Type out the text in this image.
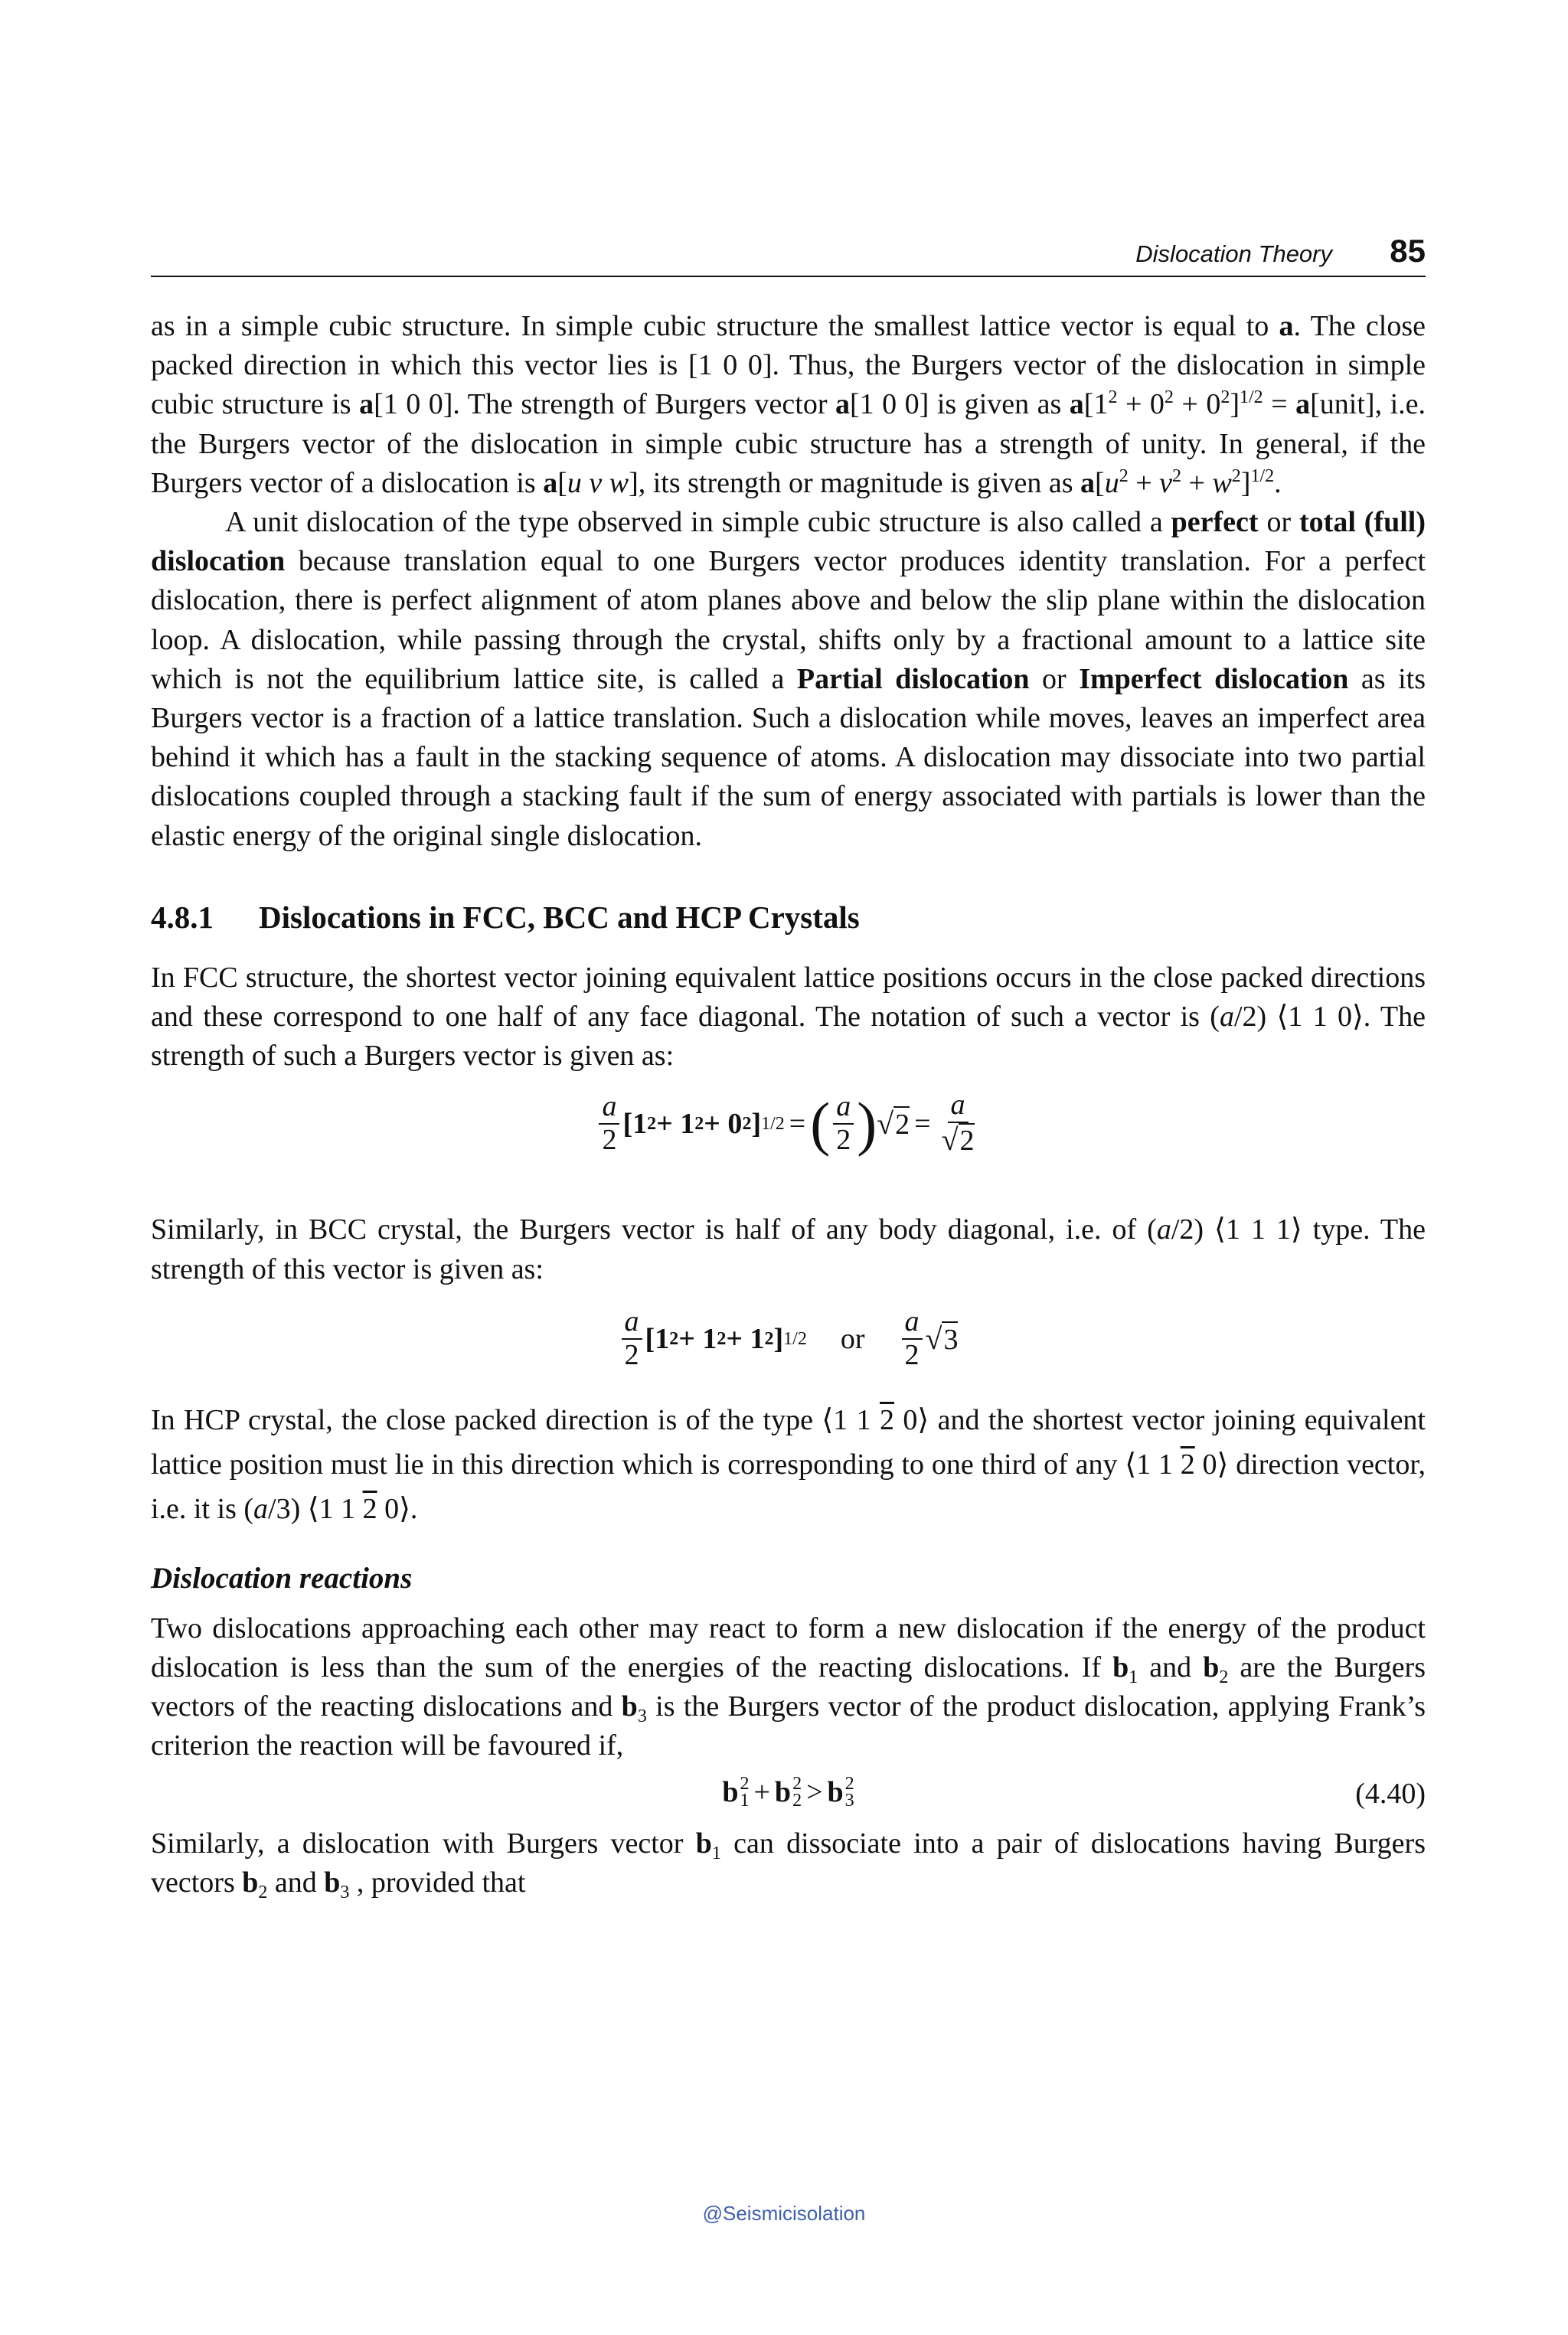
Dislocation Theory 85

as in a simple cubic structure. In simple cubic structure the smallest lattice vector is equal to a. The close packed direction in which this vector lies is [1 0 0]. Thus, the Burgers vector of the dislocation in simple cubic structure is a[1 0 0]. The strength of Burgers vector a[1 0 0] is given as $a[1^2 + 0^2 + 0^2]^{1/2}$ = a[unit], i.e. the Burgers vector of the dislocation in simple cubic structure has a strength of unity. In general, if the Burgers vector of a dislocation is a[u v w], its strength or magnitude is given as $a[u^2 + v^2 + w^2]^{1/2}$.

A unit dislocation of the type observed in simple cubic structure is also called a perfect or total (full) dislocation because translation equal to one Burgers vector produces identity translation. For a perfect dislocation, there is perfect alignment of atom planes above and below the slip plane within the dislocation loop. A dislocation, while passing through the crystal, shifts only by a fractional amount to a lattice site which is not the equilibrium lattice site, is called a Partial dislocation or Imperfect dislocation as its Burgers vector is a fraction of a lattice translation. Such a dislocation while moves, leaves an imperfect area behind it which has a fault in the stacking sequence of atoms. A dislocation may dissociate into two partial dislocations coupled through a stacking fault if the sum of energy associated with partials is lower than the elastic energy of the original single dislocation.

4.8.1 Dislocations in FCC, BCC and HCP Crystals

In FCC structure, the shortest vector joining equivalent lattice positions occurs in the close packed directions and these correspond to one half of any face diagonal. The notation of such a vector is (a/2) ⟨1 1 0⟩. The strength of such a Burgers vector is given as:

$\frac{a}{2} [1$ 2 + 1 2 + 0 2 ] 1/2 = ( $\frac{a}{2}$ ) √ $2 = \frac{a}{√2}$

Similarly, in BCC crystal, the Burgers vector is half of any body diagonal, i.e. of (a/2) ⟨1 1 1⟩ type. The strength of this vector is given as:

$\frac{a}{2} [1$ 2 + 1 2 + 1 2 ] 1/2 or $\frac{a}{2}$ √ 3

In HCP crystal, the close packed direction is of the type ⟨1 1 2 0⟩ and the shortest vector joining equivalent lattice position must lie in this direction which is corresponding to one third of any ⟨1 1 2 0⟩ direction vector, i.e. it is (a/3) ⟨1 1 2 0⟩.

Dislocation reactions

Two dislocations approaching each other may react to form a new dislocation if the energy of the product dislocation is less than the sum of the energies of the reacting dislocations. If $b_1$ and $b_2$ are the Burgers vectors of the reacting dislocations and $b_3$ is the Burgers vector of the product dislocation, applying Frank’s criterion the reaction will be favoured if,

b 2
1 + b 2
2 > b 2
3	(4.40)

Similarly, a dislocation with Burgers vector $b_1$ can dissociate into a pair of dislocations having Burgers vectors $b_2$ and $b_3$ , provided that

@Seismicisolation
